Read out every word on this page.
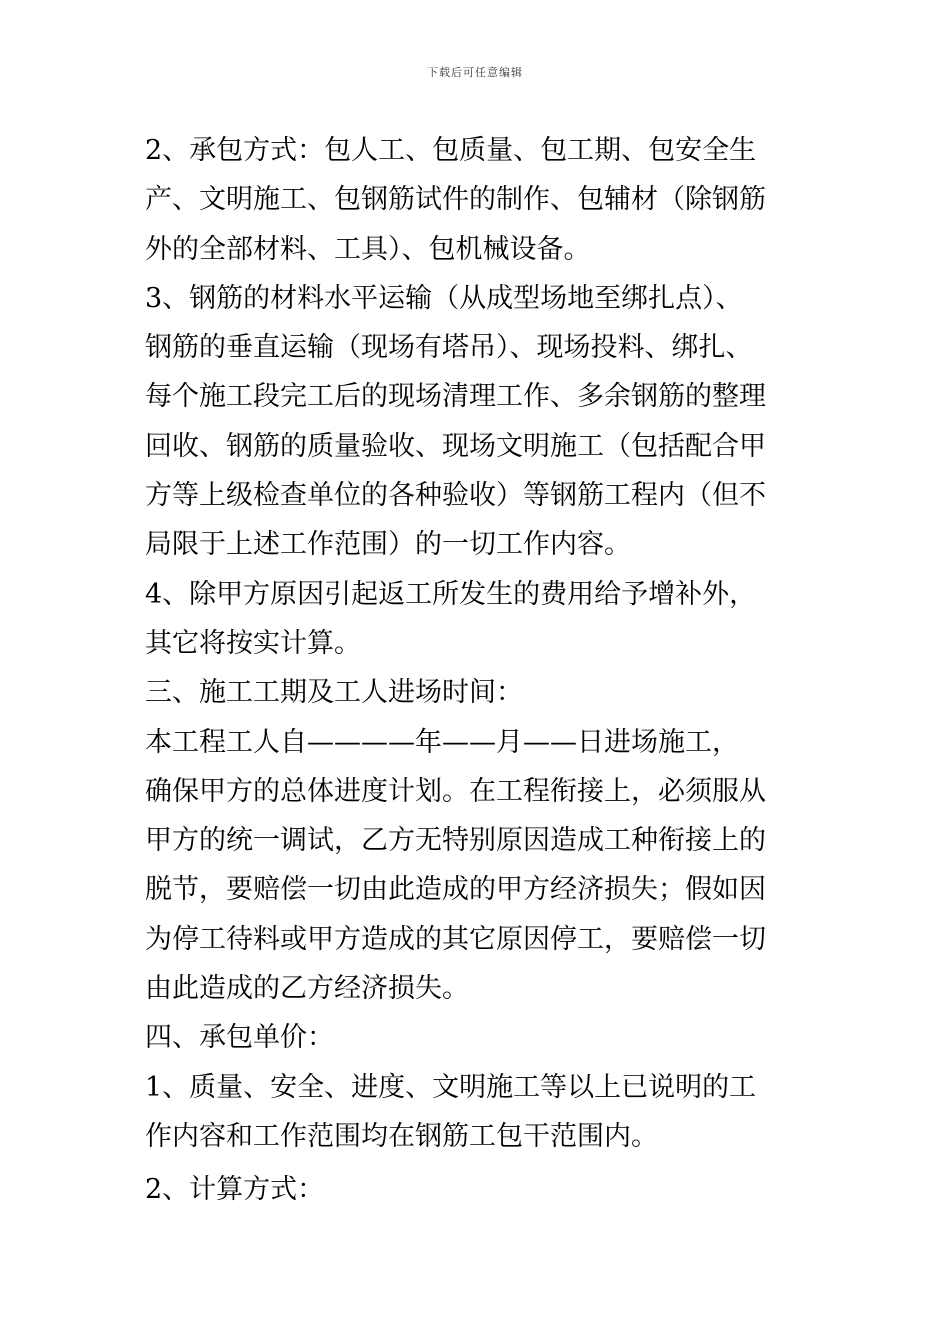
下载后可任意编辑
2、承包方式：包人工、包质量、包工期、包安全生
产、文明施工、包钢筋试件的制作、包辅材（除钢筋
外的全部材料、工具）、包机械设备。
3、钢筋的材料水平运输（从成型场地至绑扎点）、
钢筋的垂直运输（现场有塔吊）、现场投料、绑扎、
每个施工段完工后的现场清理工作、多余钢筋的整理
回收、钢筋的质量验收、现场文明施工（包括配合甲
方等上级检查单位的各种验收）等钢筋工程内（但不
局限于上述工作范围）的一切工作内容。
4、除甲方原因引起返工所发生的费用给予增补外，
其它将按实计算。
三、施工工期及工人进场时间：
本工程工人自————年——月——日进场施工，
确保甲方的总体进度计划。在工程衔接上，必须服从
甲方的统一调试，乙方无特别原因造成工种衔接上的
脱节，要赔偿一切由此造成的甲方经济损失；假如因
为停工待料或甲方造成的其它原因停工，要赔偿一切
由此造成的乙方经济损失。
四、承包单价：
1、质量、安全、进度、文明施工等以上已说明的工
作内容和工作范围均在钢筋工包干范围内。
2、计算方式：
